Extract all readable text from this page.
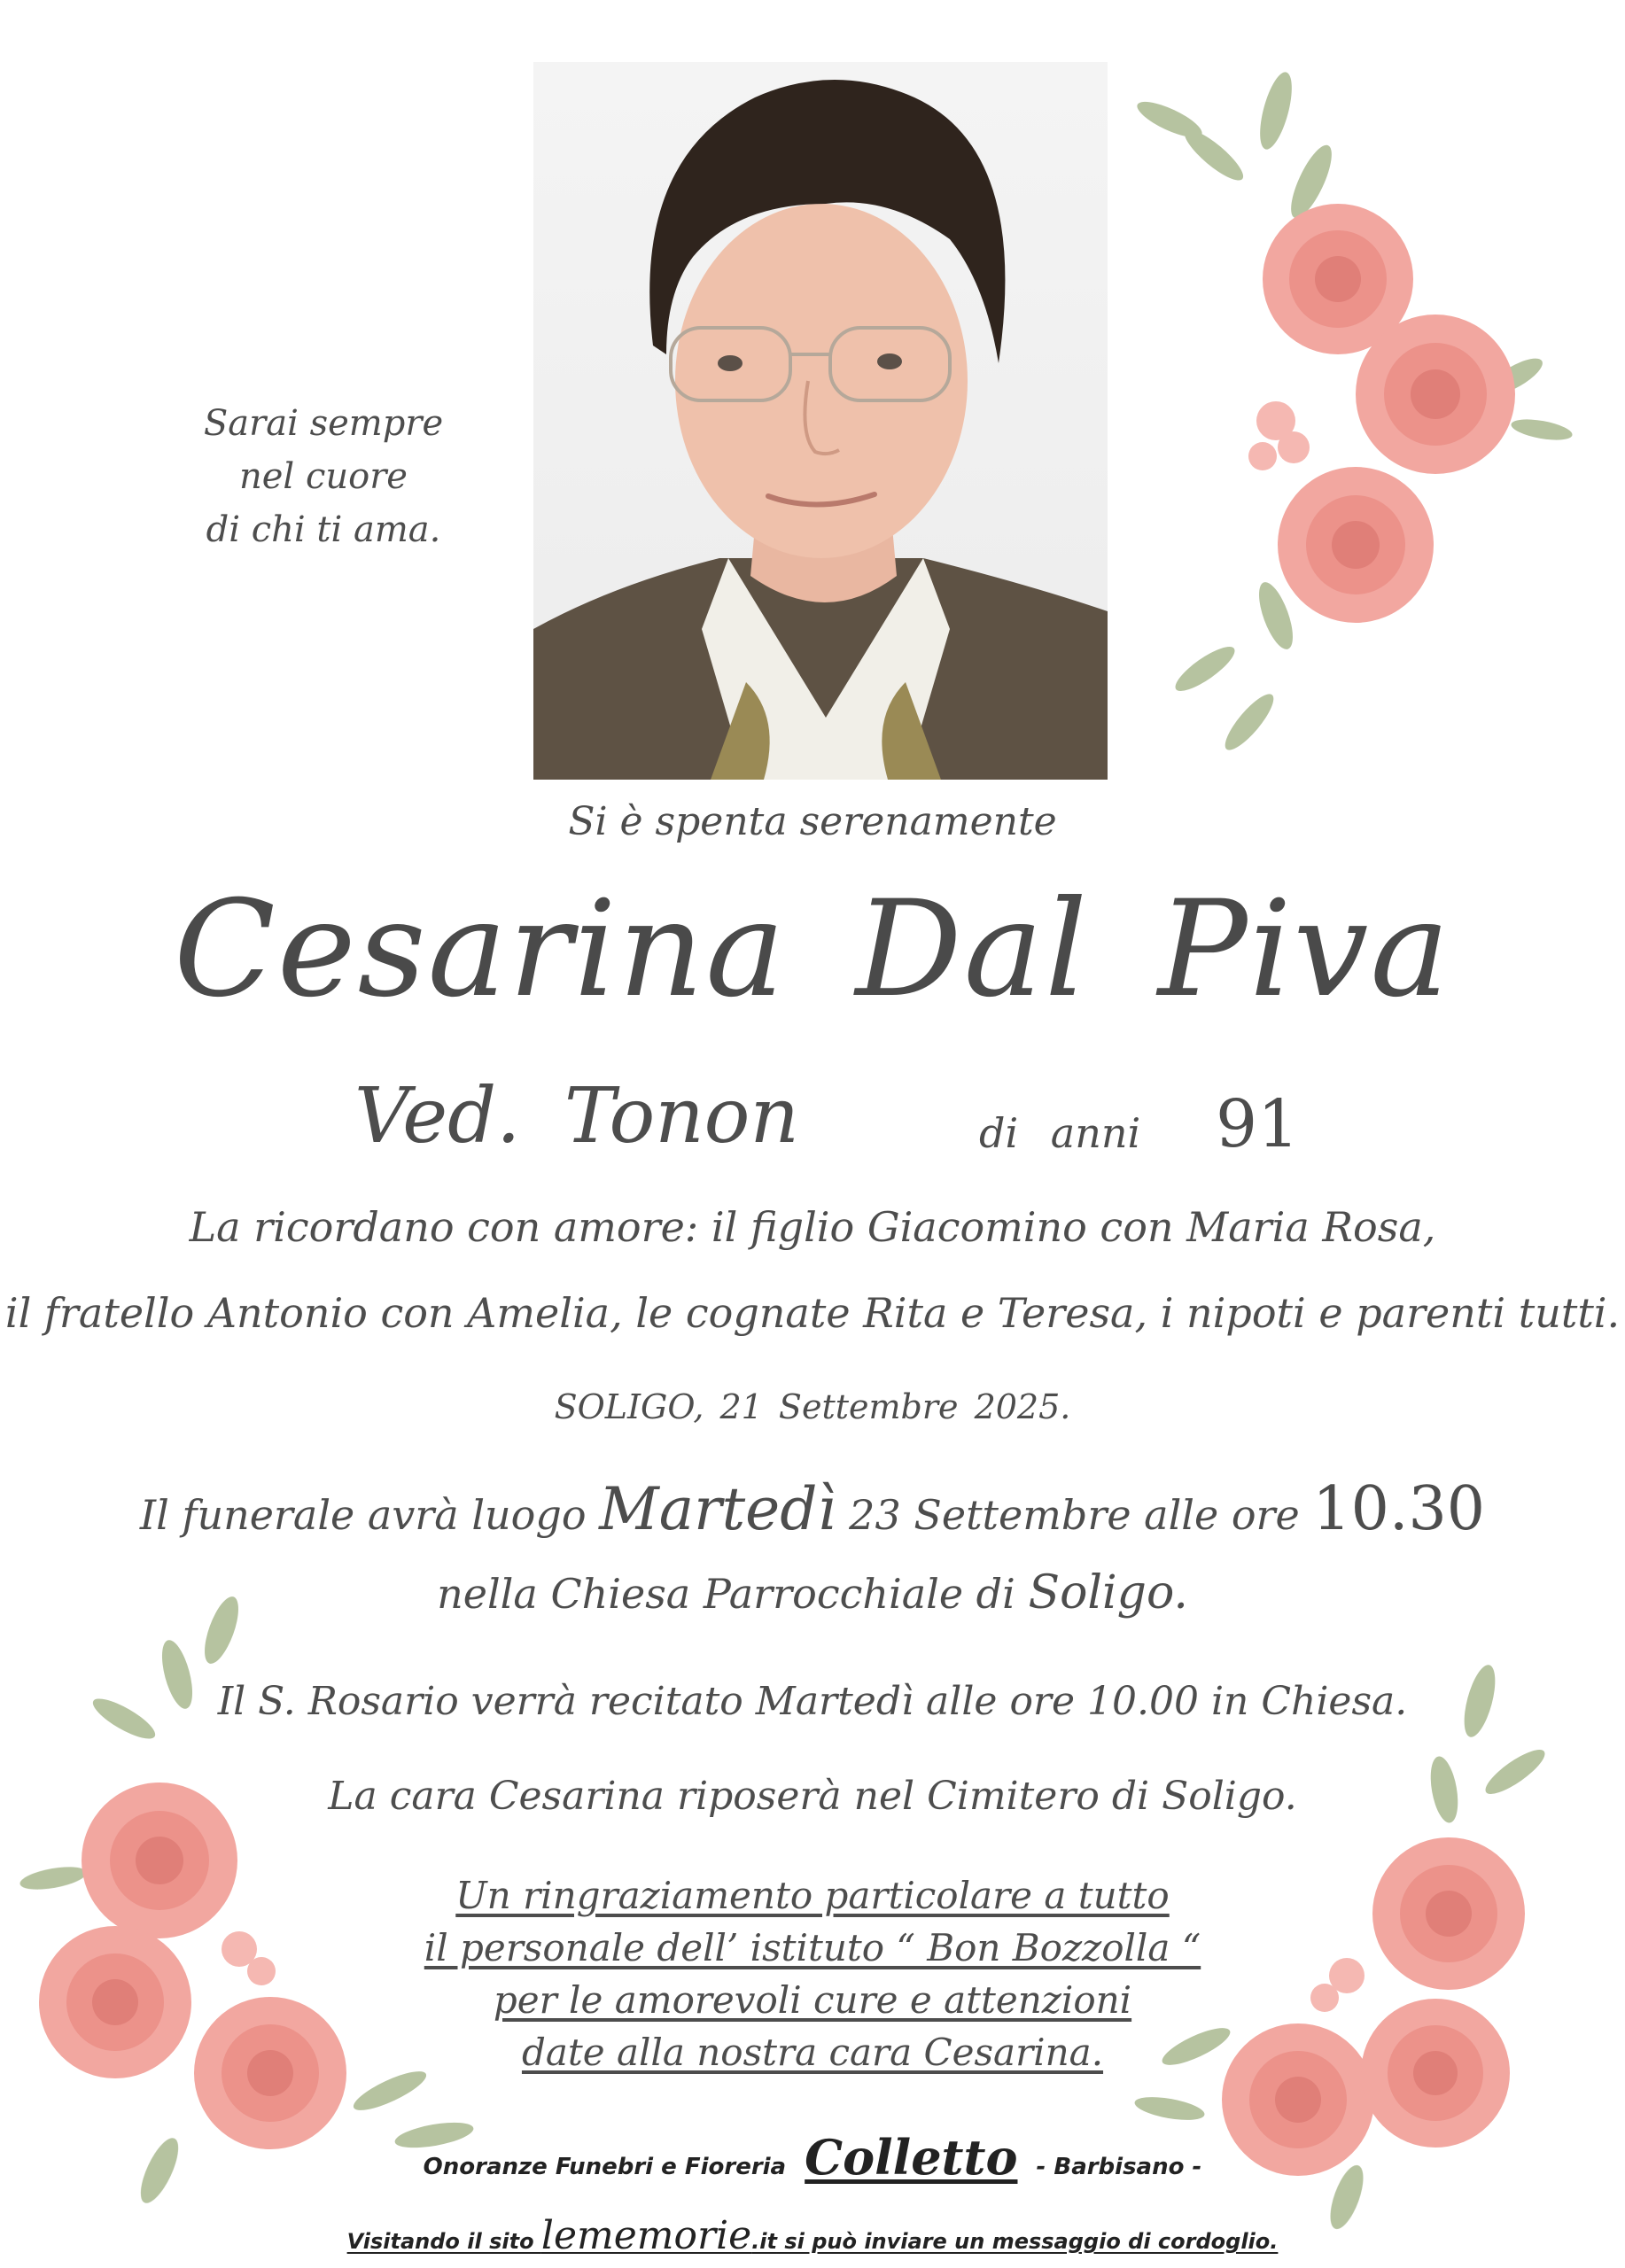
Sarai sempre
nel cuore
di chi ti ama.
Si è spenta serenamente
Cesarina Dal Piva
Ved. Tonon	di anni 91
La ricordano con amore: il figlio Giacomino con Maria Rosa,
il fratello Antonio con Amelia, le cognate Rita e Teresa, i nipoti e parenti tutti.
SOLIGO, 21 Settembre 2025.
Il funerale avrà luogo Martedì 23 Settembre alle ore 10.30
nella Chiesa Parrocchiale di Soligo.
Il S. Rosario verrà recitato Martedì alle ore 10.00 in Chiesa.
La cara Cesarina riposerà nel Cimitero di Soligo.
Un ringraziamento particolare a tutto
il personale dell’ istituto “ Bon Bozzolla “
per le amorevoli cure e attenzioni
date alla nostra cara Cesarina.
Onoranze Funebri e Fioreria Colletto - Barbisano -
Visitando il sito lememorie.it si può inviare un messaggio di cordoglio.
